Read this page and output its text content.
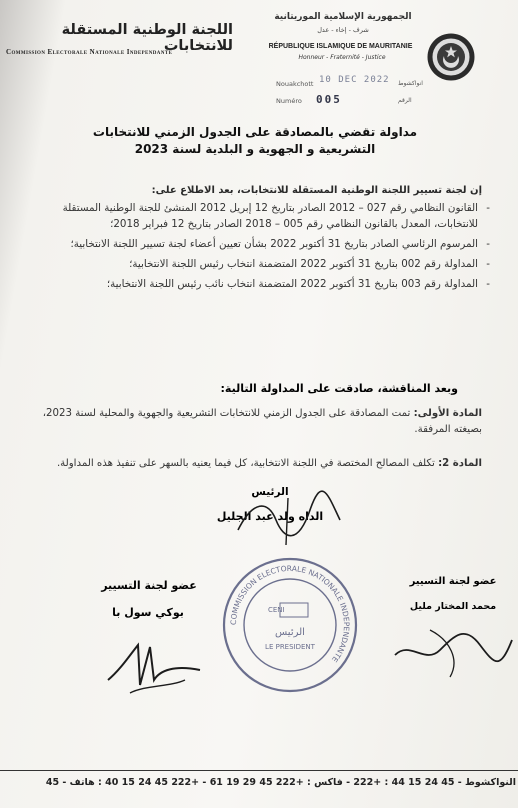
اللجنة الوطنية المستقلة للانتخابات
Commission Electorale Nationale Independante
الجمهورية الإسلامية الموريتانية
شرف - إخاء - عدل
RÉPUBLIQUE ISLAMIQUE DE MAURITANIE
Honneur - Fraternité - Justice
Nouakchott 10 DEC 2022 انواكشوط
Numéro 005	الرقم
مداولة تقضي بالمصادقة على الجدول الزمني للانتخابات
التشريعية و الجهوية و البلدية لسنة 2023
إن لجنة تسيير اللجنة الوطنية المستقلة للانتخابات، بعد الاطلاع على:
- القانون النظامي رقم 027 – 2012 الصادر بتاريخ 12 إبريل 2012 المنشئ للجنة الوطنية المستقلة للانتخابات، المعدل بالقانون النظامي رقم 005 – 2018 الصادر بتاريخ 12 فبراير 2018؛
- المرسوم الرئاسي الصادر بتاريخ 31 أكتوبر 2022 بشأن تعيين أعضاء لجنة تسيير اللجنة الانتخابية؛
- المداولة رقم 002 بتاريخ 31 أكتوبر 2022 المتضمنة انتخاب رئيس اللجنة الانتخابية؛
- المداولة رقم 003 بتاريخ 31 أكتوبر 2022 المتضمنة انتخاب نائب رئيس اللجنة الانتخابية؛
وبعد المناقشة، صادقت على المداولة التالية:
المادة الأولى: تمت المصادقة على الجدول الزمني للانتخابات التشريعية والجهوية والمحلية لسنة 2023، بصيغته المرفقة.
المادة 2: تكلف المصالح المختصة في اللجنة الانتخابية، كل فيما يعنيه بالسهر على تنفيذ هذه المداولة.
COMMISSION ELECTORALE NATIONALE INDEPENDANTE
CENI
الرئيس
LE PRESIDENT
الرئيس
الداه ولد عبد الجليل
عضو لجنة التسيير
بوكي سول با
عضو لجنة التسيير
محمد المختار مليل
النواكشوط - 45 24 15 44 : +222 - فاكس : +222 45 29 19 61 - +222 45 24 15 40 : هاتف - 45
